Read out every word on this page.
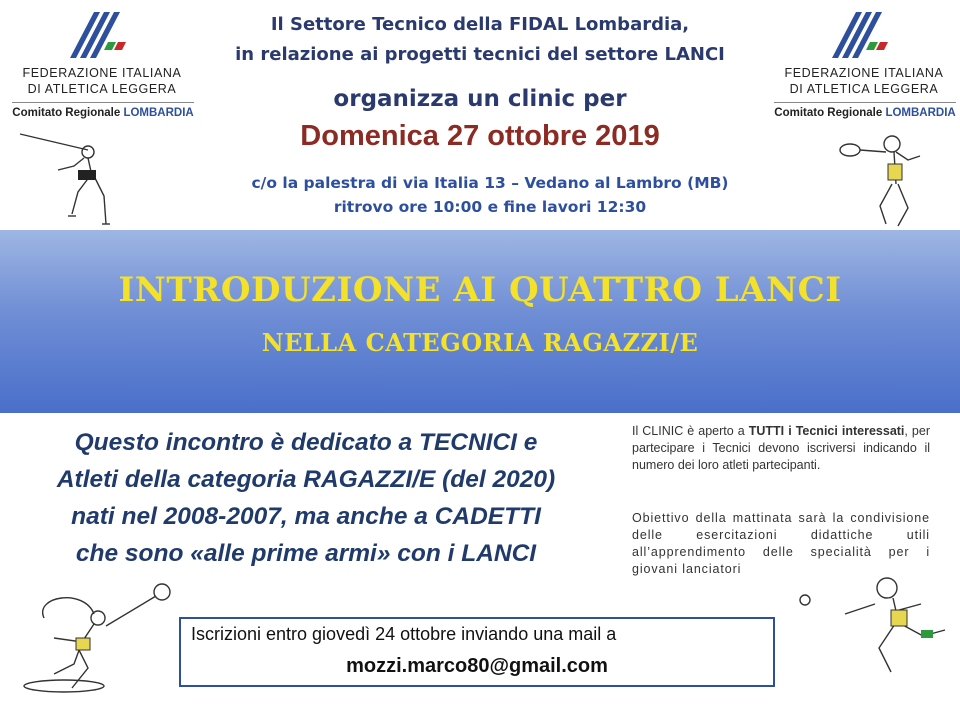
FEDERAZIONE ITALIANA
DI ATLETICA LEGGERA
Comitato Regionale LOMBARDIA
FEDERAZIONE ITALIANA
DI ATLETICA LEGGERA
Comitato Regionale LOMBARDIA
Il Settore Tecnico della FIDAL Lombardia,
in relazione ai progetti tecnici del settore LANCI
organizza un clinic per
Domenica 27 ottobre 2019
c/o la palestra di via Italia 13 – Vedano al Lambro (MB)
ritrovo ore 10:00 e fine lavori 12:30
INTRODUZIONE AI QUATTRO LANCI
NELLA CATEGORIA RAGAZZI/E
Questo incontro è dedicato a TECNICI e
Atleti della categoria RAGAZZI/E (del 2020)
nati nel 2008-2007, ma anche a CADETTI
che sono «alle prime armi» con i LANCI
Il CLINIC è aperto a TUTTI i Tecnici interessati, per partecipare i Tecnici devono iscriversi indicando il numero dei loro atleti partecipanti.
Obiettivo della mattinata sarà la condivisione delle esercitazioni didattiche utili all’apprendimento delle specialità per i giovani lanciatori
Iscrizioni entro giovedì 24 ottobre inviando una mail a
mozzi.marco80@gmail.com
